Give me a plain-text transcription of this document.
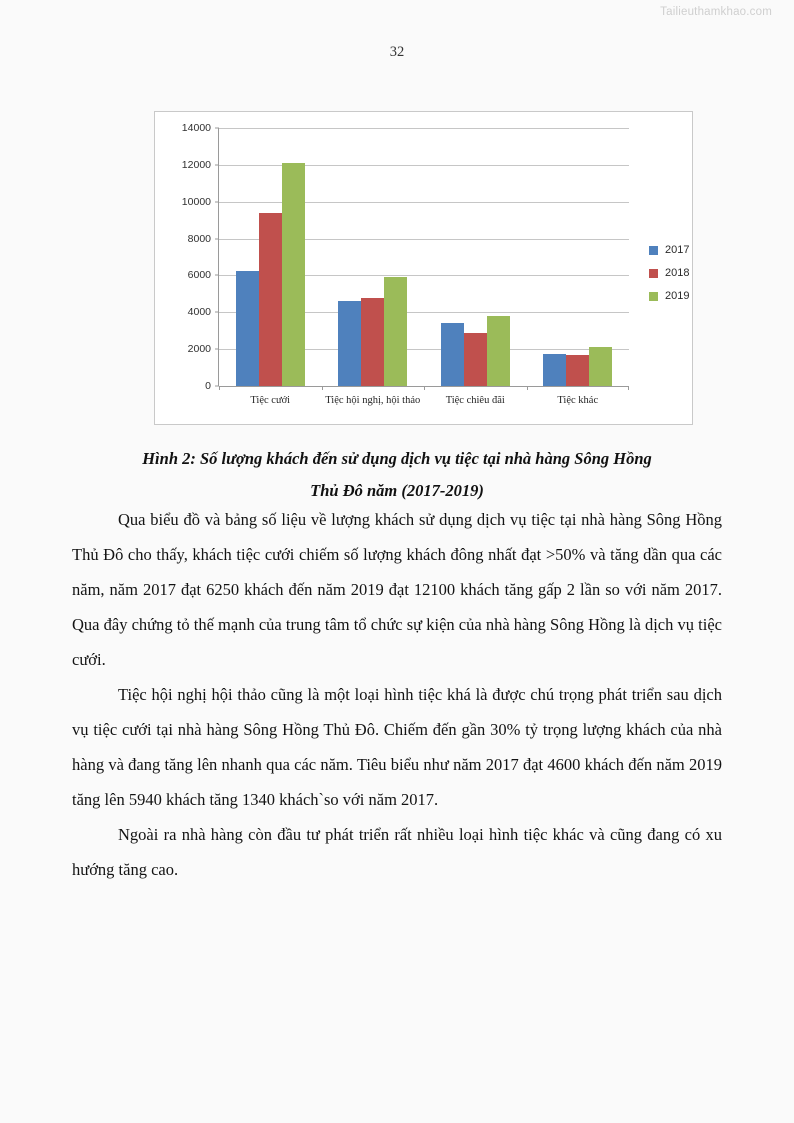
Tailieuthamkhao.com
32
0
2000
4000
6000
8000
10000
12000
14000
Tiệc cưới	Tiệc hội nghị, hội thảo	Tiệc chiêu đãi	Tiệc khác
2017
2018
2019
Hình 2: Số lượng khách đến sử dụng dịch vụ tiệc tại nhà hàng Sông Hồng
Thủ Đô năm (2017-2019)

Qua biểu đồ và bảng số liệu về lượng khách sử dụng dịch vụ tiệc tại nhà hàng Sông Hồng Thủ Đô cho thấy, khách tiệc cưới chiếm số lượng khách đông nhất đạt >50% và tăng dần qua các năm, năm 2017 đạt 6250 khách đến năm 2019 đạt 12100 khách tăng gấp 2 lần so với năm 2017. Qua đây chứng tỏ thế mạnh của trung tâm tổ chức sự kiện của nhà hàng Sông Hồng là dịch vụ tiệc cưới.

Tiệc hội nghị hội thảo cũng là một loại hình tiệc khá là được chú trọng phát triển sau dịch vụ tiệc cưới tại nhà hàng Sông Hồng Thủ Đô. Chiếm đến gần 30% tỷ trọng lượng khách của nhà hàng và đang tăng lên nhanh qua các năm. Tiêu biểu như năm 2017 đạt 4600 khách đến năm 2019 tăng lên 5940 khách tăng 1340 khách`so với năm 2017.

Ngoài ra nhà hàng còn đầu tư phát triển rất nhiều loại hình tiệc khác và cũng đang có xu hướng tăng cao.
